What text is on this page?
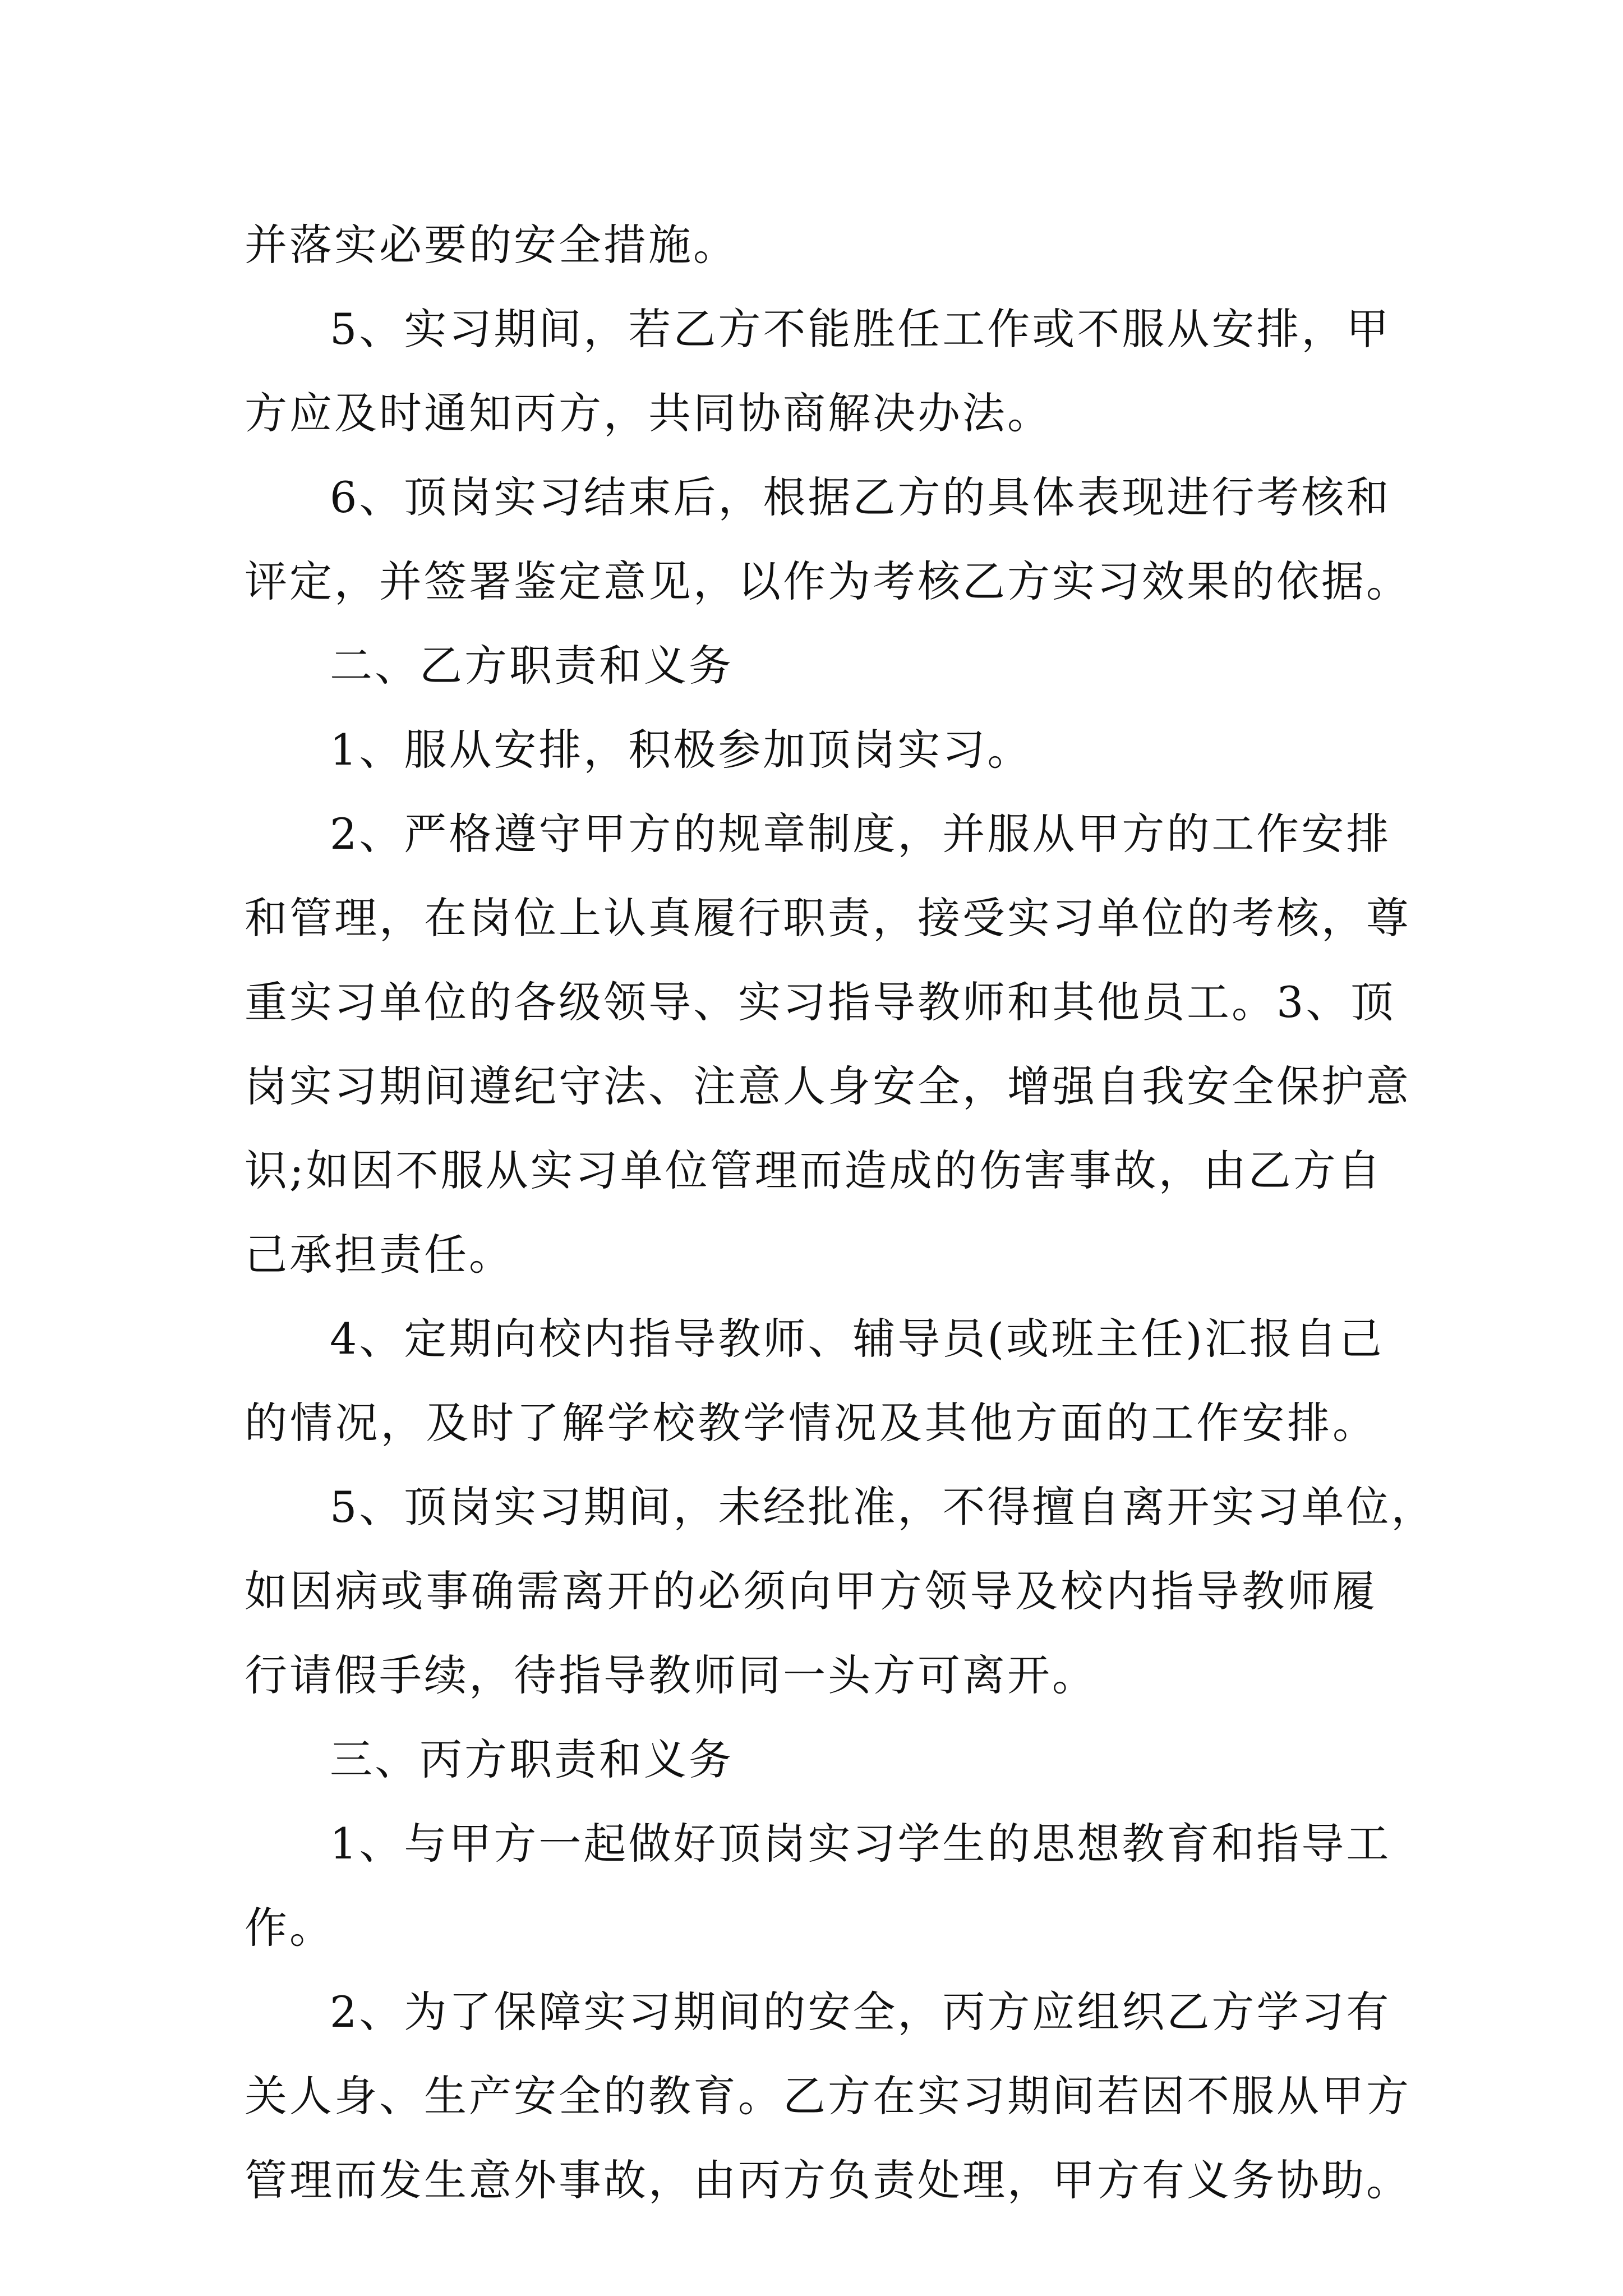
并落实必要的安全措施。
5、实习期间，若乙方不能胜任工作或不服从安排，甲
方应及时通知丙方，共同协商解决办法。
6、顶岗实习结束后，根据乙方的具体表现进行考核和
评定，并签署鉴定意见，以作为考核乙方实习效果的依据。
二、乙方职责和义务
1、服从安排，积极参加顶岗实习。
2、严格遵守甲方的规章制度，并服从甲方的工作安排
和管理，在岗位上认真履行职责，接受实习单位的考核，尊
重实习单位的各级领导、实习指导教师和其他员工。3、顶
岗实习期间遵纪守法、注意人身安全，增强自我安全保护意
识;如因不服从实习单位管理而造成的伤害事故，由乙方自
己承担责任。
4、定期向校内指导教师、辅导员(或班主任)汇报自己
的情况，及时了解学校教学情况及其他方面的工作安排。
5、顶岗实习期间，未经批准，不得擅自离开实习单位，
如因病或事确需离开的必须向甲方领导及校内指导教师履
行请假手续，待指导教师同一头方可离开。
三、丙方职责和义务
1、与甲方一起做好顶岗实习学生的思想教育和指导工
作。
2、为了保障实习期间的安全，丙方应组织乙方学习有
关人身、生产安全的教育。乙方在实习期间若因不服从甲方
管理而发生意外事故，由丙方负责处理，甲方有义务协助。
